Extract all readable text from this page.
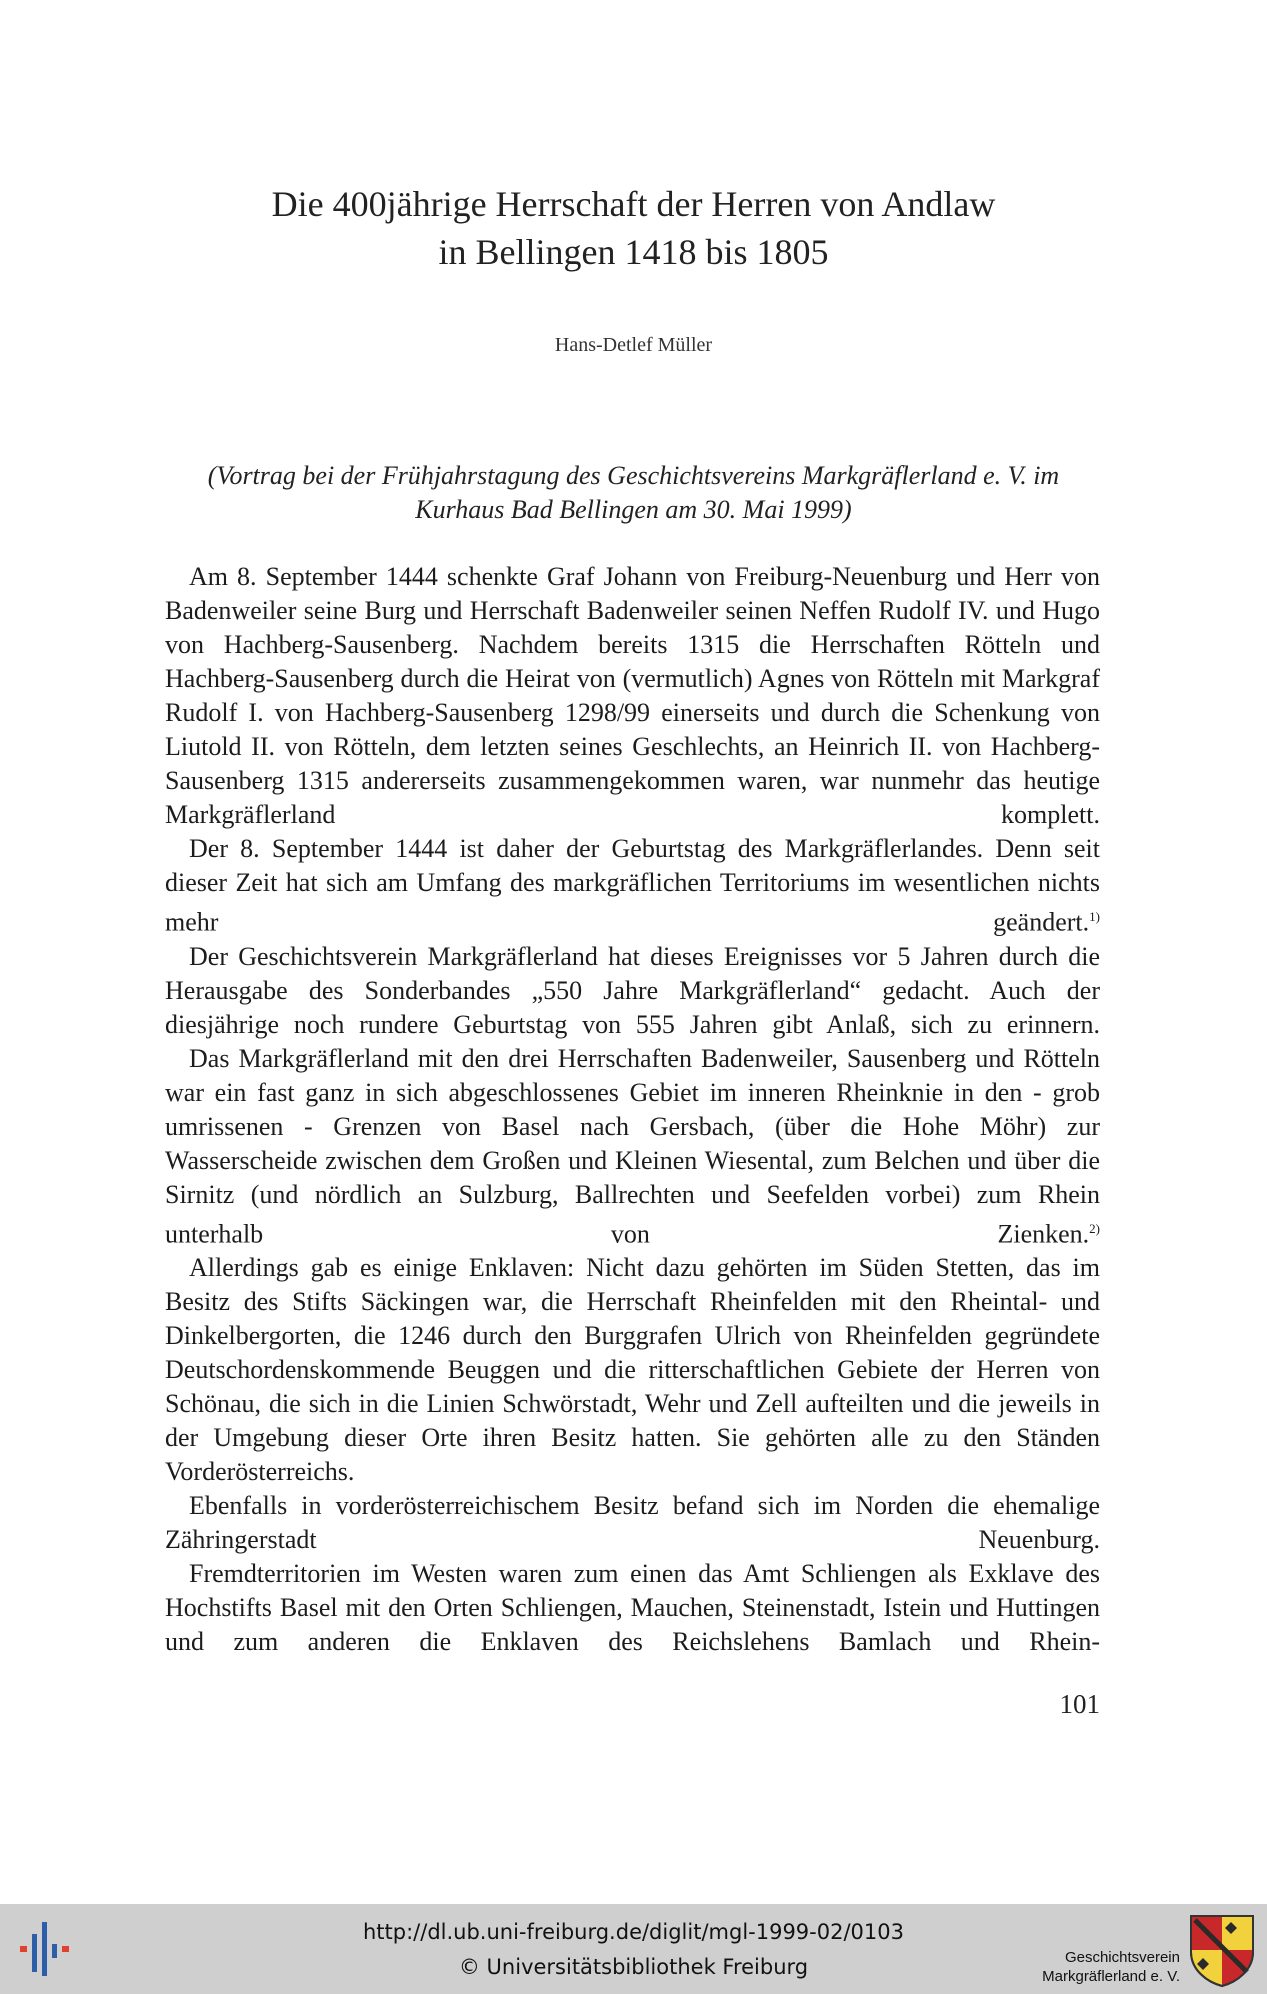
Die 400jährige Herrschaft der Herren von Andlaw
in Bellingen 1418 bis 1805
Hans-Detlef Müller
(Vortrag bei der Frühjahrstagung des Geschichtsvereins Markgräflerland e. V. im Kurhaus Bad Bellingen am 30. Mai 1999)

Am 8. September 1444 schenkte Graf Johann von Freiburg-Neuenburg und Herr von Badenweiler seine Burg und Herrschaft Badenweiler seinen Neffen Rudolf IV. und Hugo von Hachberg-Sausenberg. Nachdem bereits 1315 die Herrschaften Rötteln und Hachberg-Sausenberg durch die Heirat von (vermutlich) Agnes von Rötteln mit Markgraf Rudolf I. von Hachberg-Sausenberg 1298/99 einerseits und durch die Schenkung von Liutold II. von Rötteln, dem letzten seines Geschlechts, an Heinrich II. von Hachberg-Sausenberg 1315 andererseits zusammengekommen waren, war nunmehr das heutige Markgräflerland komplett.

Der 8. September 1444 ist daher der Geburtstag des Markgräflerlandes. Denn seit dieser Zeit hat sich am Umfang des markgräflichen Territoriums im wesentlichen nichts mehr geändert.$^{1)}$

Der Geschichtsverein Markgräflerland hat dieses Ereignisses vor 5 Jahren durch die Herausgabe des Sonderbandes „550 Jahre Markgräflerland“ gedacht. Auch der diesjährige noch rundere Geburtstag von 555 Jahren gibt Anlaß, sich zu erinnern.

Das Markgräflerland mit den drei Herrschaften Badenweiler, Sausenberg und Rötteln war ein fast ganz in sich abgeschlossenes Gebiet im inneren Rheinknie in den - grob umrissenen - Grenzen von Basel nach Gersbach, (über die Hohe Möhr) zur Wasserscheide zwischen dem Großen und Kleinen Wiesental, zum Belchen und über die Sirnitz (und nördlich an Sulzburg, Ballrechten und Seefelden vorbei) zum Rhein unterhalb von Zienken.$^{2)}$

Allerdings gab es einige Enklaven: Nicht dazu gehörten im Süden Stetten, das im Besitz des Stifts Säckingen war, die Herrschaft Rheinfelden mit den Rheintal- und Dinkelbergorten, die 1246 durch den Burggrafen Ulrich von Rheinfelden gegründete Deutschordenskommende Beuggen und die ritterschaftlichen Gebiete der Herren von Schönau, die sich in die Linien Schwörstadt, Wehr und Zell aufteilten und die jeweils in der Umgebung dieser Orte ihren Besitz hatten. Sie gehörten alle zu den Ständen Vorderösterreichs.

Ebenfalls in vorderösterreichischem Besitz befand sich im Norden die ehemalige Zähringerstadt Neuenburg.

Fremdterritorien im Westen waren zum einen das Amt Schliengen als Exklave des Hochstifts Basel mit den Orten Schliengen, Mauchen, Steinenstadt, Istein und Huttingen und zum anderen die Enklaven des Reichslehens Bamlach und Rhein-

101
http://dl.ub.uni-freiburg.de/diglit/mgl-1999-02/0103
© Universitätsbibliothek Freiburg	Geschichtsverein
Markgräflerland e. V.
